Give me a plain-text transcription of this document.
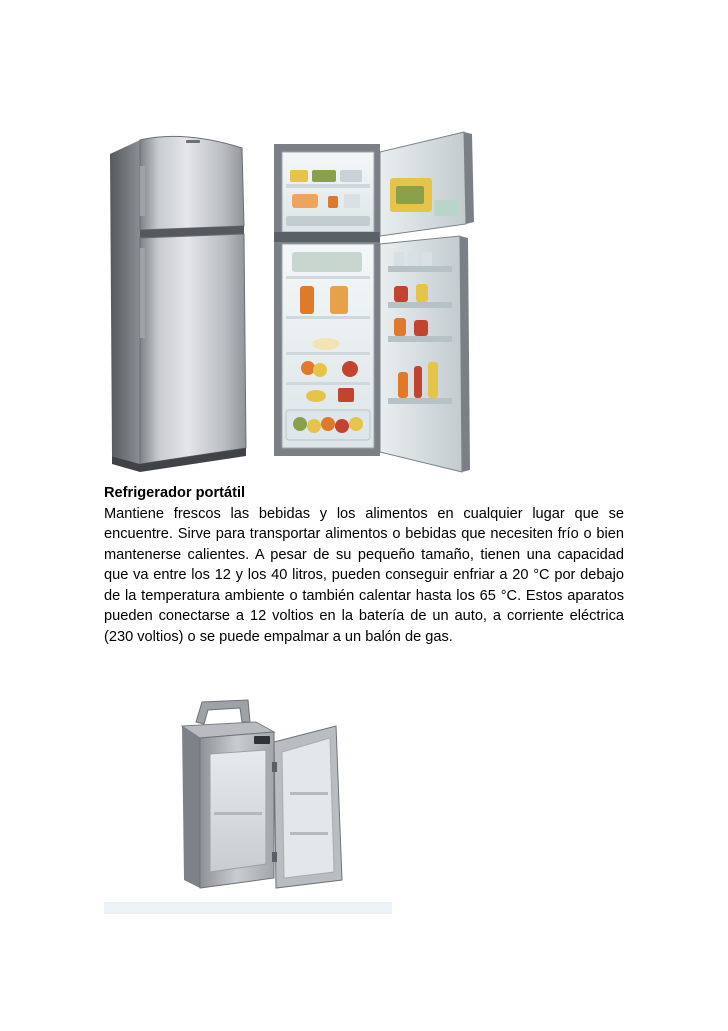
Refrigerador portátil

Mantiene frescos las bebidas y los alimentos en cualquier lugar que se encuentre. Sirve para transportar alimentos o bebidas que necesiten frío o bien mantenerse calientes. A pesar de su pequeño tamaño, tienen una capacidad que va entre los 12 y los 40 litros, pueden conseguir enfriar a 20 °C por debajo de la temperatura ambiente o también calentar hasta los 65 °C. Estos aparatos pueden conectarse a 12 voltios en la batería de un auto, a corriente eléctrica (230 voltios) o se puede empalmar a un balón de gas.
